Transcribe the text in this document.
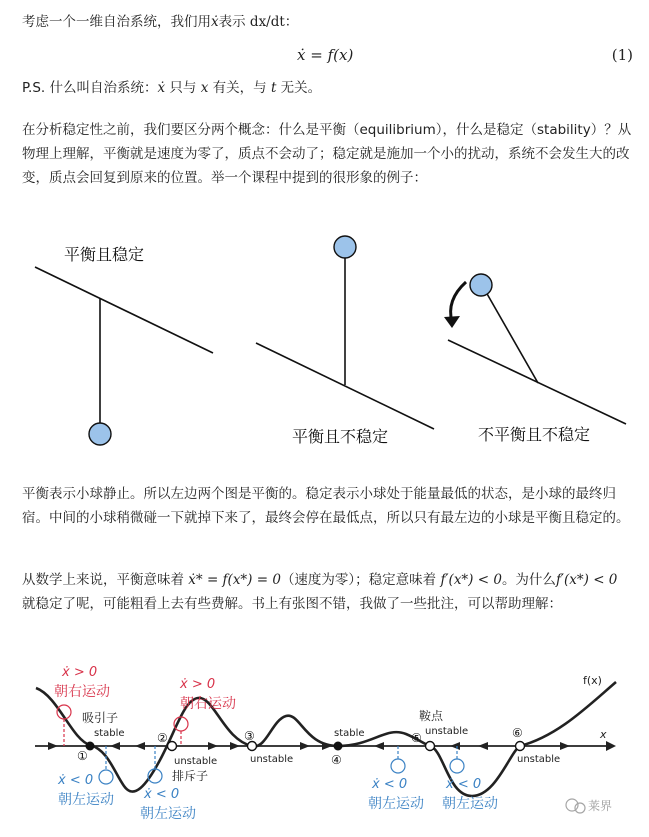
考虑一个一维自治系统，我们用ẋ表示 dx/dt：
ẋ = f(x)	(1)
P.S. 什么叫自治系统：ẋ 只与 x 有关，与 t 无关。
在分析稳定性之前，我们要区分两个概念：什么是平衡（equilibrium），什么是稳定（stability）？从物理上理解，平衡就是速度为零了，质点不会动了；稳定就是施加一个小的扰动，系统不会发生大的改变，质点会回复到原来的位置。举一个课程中提到的很形象的例子：
平衡且稳定
平衡且不稳定	不平衡且不稳定
平衡表示小球静止。所以左边两个图是平衡的。稳定表示小球处于能量最低的状态，是小球的最终归宿。中间的小球稍微碰一下就掉下来了，最终会停在最低点，所以只有最左边的小球是平衡且稳定的。
从数学上来说，平衡意味着 ẋ* = f(x*) = 0（速度为零）；稳定意味着 f′(x*) < 0。为什么f′(x*) < 0 就稳定了呢，可能粗看上去有些费解。书上有张图不错，我做了一些批注，可以帮助理解：
x
f(x)
①
②	③
④
⑤	⑥
stable
unstable	unstable
stable	unstable
unstable
吸引子
排斥子
鞍点
ẋ > 0
朝右运动	ẋ > 0
朝右运动
ẋ < 0
朝左运动 ẋ < 0
朝左运动
ẋ < 0
朝左运动
ẋ < 0
朝左运动	莱界
